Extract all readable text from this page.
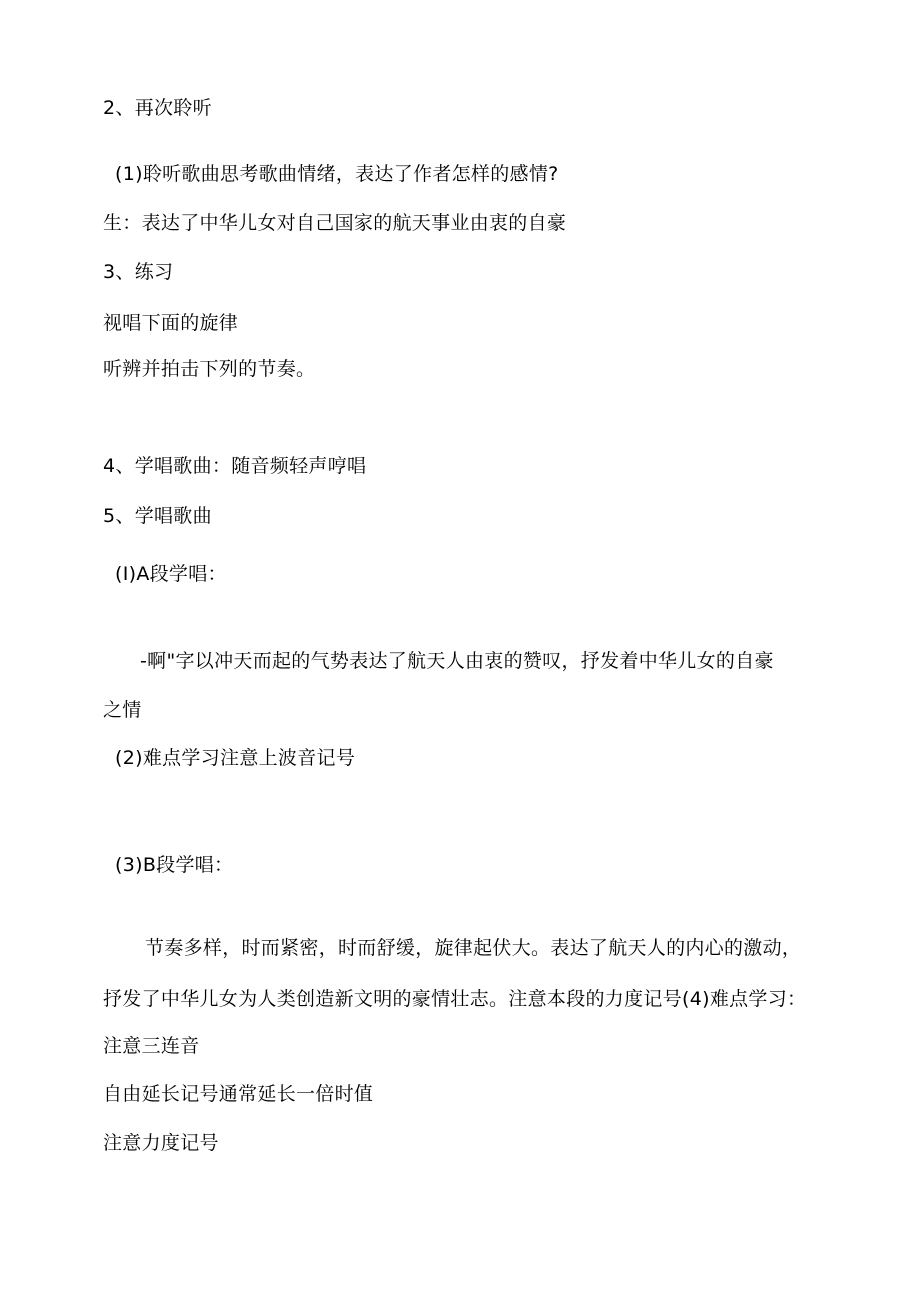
2、再次聆听
(1)聆听歌曲思考歌曲情绪，表达了作者怎样的感情?
生：表达了中华儿女对自己国家的航天事业由衷的自豪
3、练习
视唱下面的旋律
听辨并拍击下列的节奏。
4、学唱歌曲：随音频轻声哼唱
5、学唱歌曲
(I)A段学唱：
-啊"字以冲天而起的气势表达了航天人由衷的赞叹，抒发着中华儿女的自豪
之情
(2)难点学习注意上波音记号
(3)B段学唱：
节奏多样，时而紧密，时而舒缓，旋律起伏大。表达了航天人的内心的激动，
抒发了中华儿女为人类创造新文明的豪情壮志。注意本段的力度记号(4)难点学习：
注意三连音
自由延长记号通常延长一倍时值
注意力度记号
